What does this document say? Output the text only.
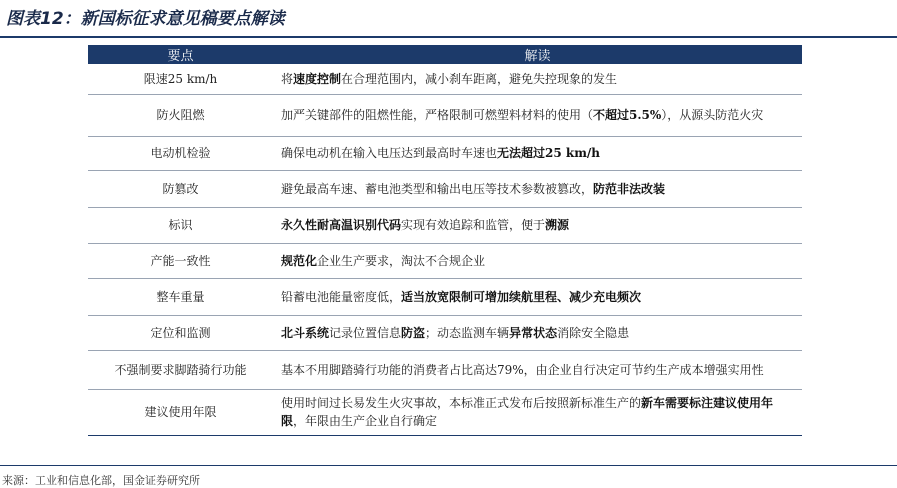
图表12：新国标征求意见稿要点解读
要点	解读
限速25 km/h	将速度控制在合理范围内，减小刹车距离，避免失控现象的发生
防火阻燃	加严关键部件的阻燃性能，严格限制可燃塑料材料的使用（不超过5.5%），从源头防范火灾
电动机检验	确保电动机在输入电压达到最高时车速也无法超过25 km/h
防篡改	避免最高车速、蓄电池类型和输出电压等技术参数被篡改，防范非法改装
标识	永久性耐高温识别代码实现有效追踪和监管，便于溯源
产能一致性	规范化企业生产要求，淘汰不合规企业
整车重量	铅蓄电池能量密度低，适当放宽限制可增加续航里程、减少充电频次
定位和监测	北斗系统记录位置信息防盗；动态监测车辆异常状态消除安全隐患
不强制要求脚踏骑行功能	基本不用脚踏骑行功能的消费者占比高达79%，由企业自行决定可节约生产成本增强实用性
建议使用年限	使用时间过长易发生火灾事故，本标准正式发布后按照新标准生产的新车需要标注建议使用年限，年限由生产企业自行确定
来源：工业和信息化部，国金证券研究所
